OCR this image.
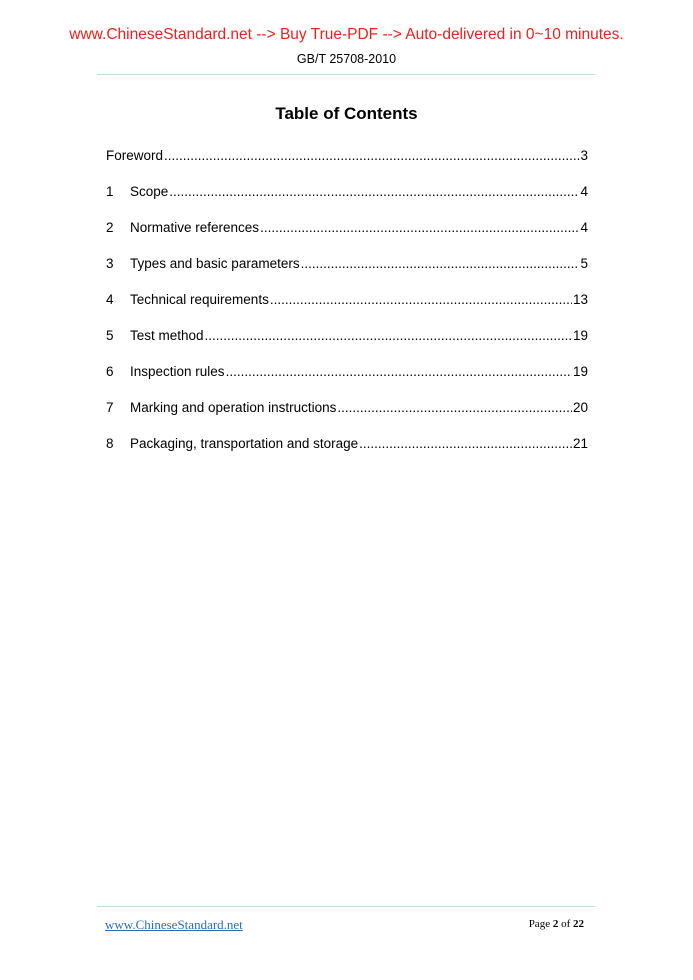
www.ChineseStandard.net --> Buy True-PDF --> Auto-delivered in 0~10 minutes.
GB/T 25708-2010
Table of Contents
Foreword .....	3
1	Scope .....	4
2	Normative references .....	4
3	Types and basic parameters .....	5
4	Technical requirements .....	13
5	Test method .....	19
6	Inspection rules .....	19
7	Marking and operation instructions .....	20
8	Packaging, transportation and storage .....	21
www.ChineseStandard.net	Page 2 of 22
